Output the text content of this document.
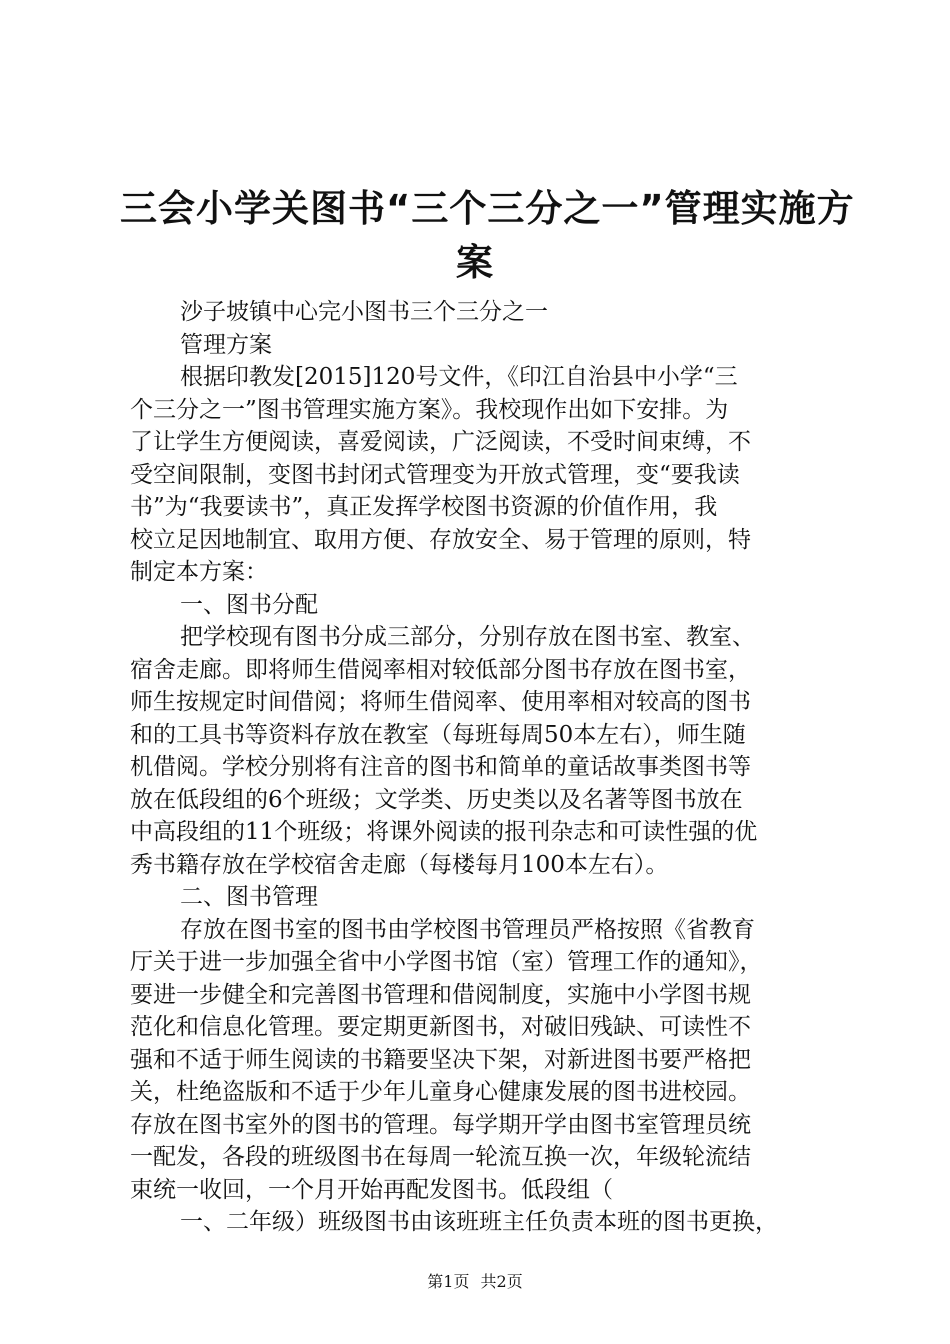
三会小学关图书“三个三分之一”管理实施方
案
沙子坡镇中心完小图书三个三分之一
管理方案
根据印教发[2015]120号文件，《印江自治县中小学“三
个三分之一”图书管理实施方案》。我校现作出如下安排。为
了让学生方便阅读，喜爱阅读，广泛阅读，不受时间束缚，不
受空间限制，变图书封闭式管理变为开放式管理，变“要我读
书”为“我要读书”，真正发挥学校图书资源的价值作用，我
校立足因地制宜、取用方便、存放安全、易于管理的原则，特
制定本方案：
一、图书分配
把学校现有图书分成三部分，分别存放在图书室、教室、
宿舍走廊。即将师生借阅率相对较低部分图书存放在图书室，
师生按规定时间借阅；将师生借阅率、使用率相对较高的图书
和的工具书等资料存放在教室（每班每周50本左右），师生随
机借阅。学校分别将有注音的图书和简单的童话故事类图书等
放在低段组的6个班级；文学类、历史类以及名著等图书放在
中高段组的11个班级；将课外阅读的报刊杂志和可读性强的优
秀书籍存放在学校宿舍走廊（每楼每月100本左右）。
二、图书管理
存放在图书室的图书由学校图书管理员严格按照《省教育
厅关于进一步加强全省中小学图书馆（室）管理工作的通知》，
要进一步健全和完善图书管理和借阅制度，实施中小学图书规
范化和信息化管理。要定期更新图书，对破旧残缺、可读性不
强和不适于师生阅读的书籍要坚决下架，对新进图书要严格把
关，杜绝盗版和不适于少年儿童身心健康发展的图书进校园。
存放在图书室外的图书的管理。每学期开学由图书室管理员统
一配发，各段的班级图书在每周一轮流互换一次，年级轮流结
束统一收回，一个月开始再配发图书。低段组（
一、二年级）班级图书由该班班主任负责本班的图书更换，
第1页 共2页
